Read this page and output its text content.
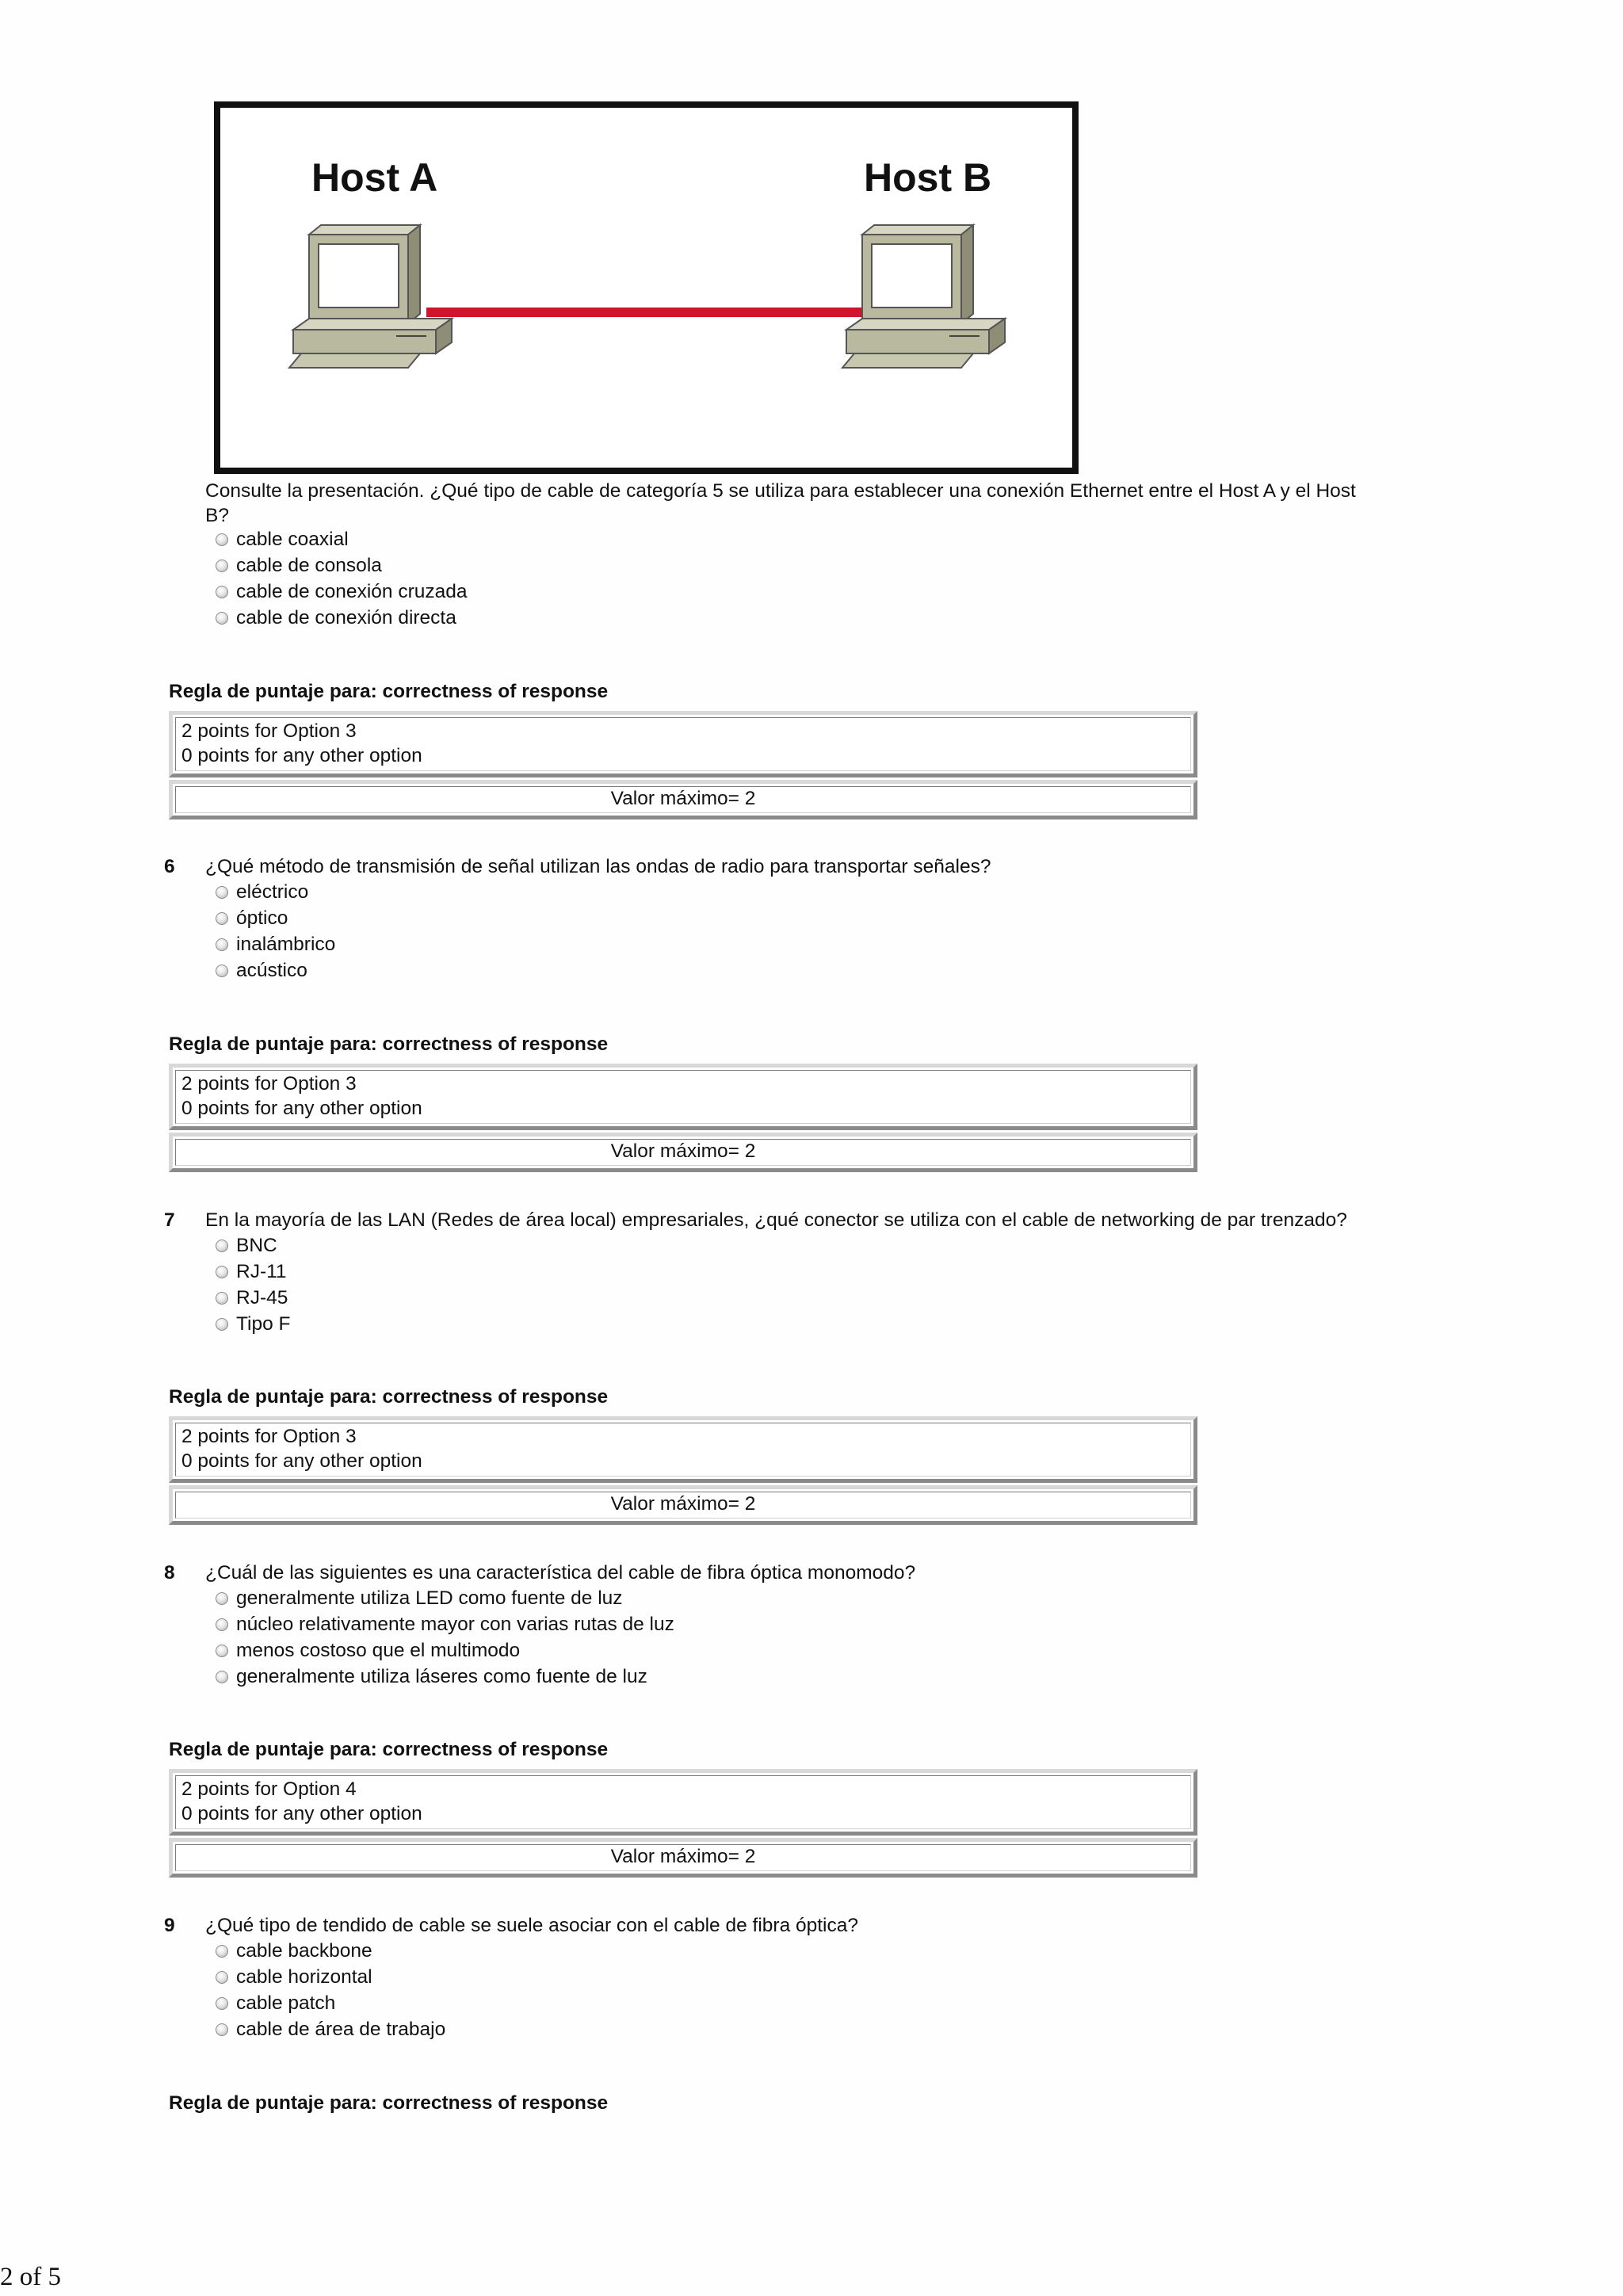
Host A	Host B
Consulte la presentación. ¿Qué tipo de cable de categoría 5 se utiliza para establecer una conexión Ethernet entre el Host A y el Host B?
cable coaxial
cable de consola
cable de conexión cruzada
cable de conexión directa
Regla de puntaje para: correctness of response
2 points for Option 3
0 points for any other option
Valor máximo= 2
6 ¿Qué método de transmisión de señal utilizan las ondas de radio para transportar señales?
eléctrico
óptico
inalámbrico
acústico
Regla de puntaje para: correctness of response
2 points for Option 3
0 points for any other option
Valor máximo= 2
7 En la mayoría de las LAN (Redes de área local) empresariales, ¿qué conector se utiliza con el cable de networking de par trenzado?
BNC
RJ-11
RJ-45
Tipo F
Regla de puntaje para: correctness of response
2 points for Option 3
0 points for any other option
Valor máximo= 2
8 ¿Cuál de las siguientes es una característica del cable de fibra óptica monomodo?
generalmente utiliza LED como fuente de luz
núcleo relativamente mayor con varias rutas de luz
menos costoso que el multimodo
generalmente utiliza láseres como fuente de luz
Regla de puntaje para: correctness of response
2 points for Option 4
0 points for any other option
Valor máximo= 2
9 ¿Qué tipo de tendido de cable se suele asociar con el cable de fibra óptica?
cable backbone
cable horizontal
cable patch
cable de área de trabajo
Regla de puntaje para: correctness of response
2 of 5
